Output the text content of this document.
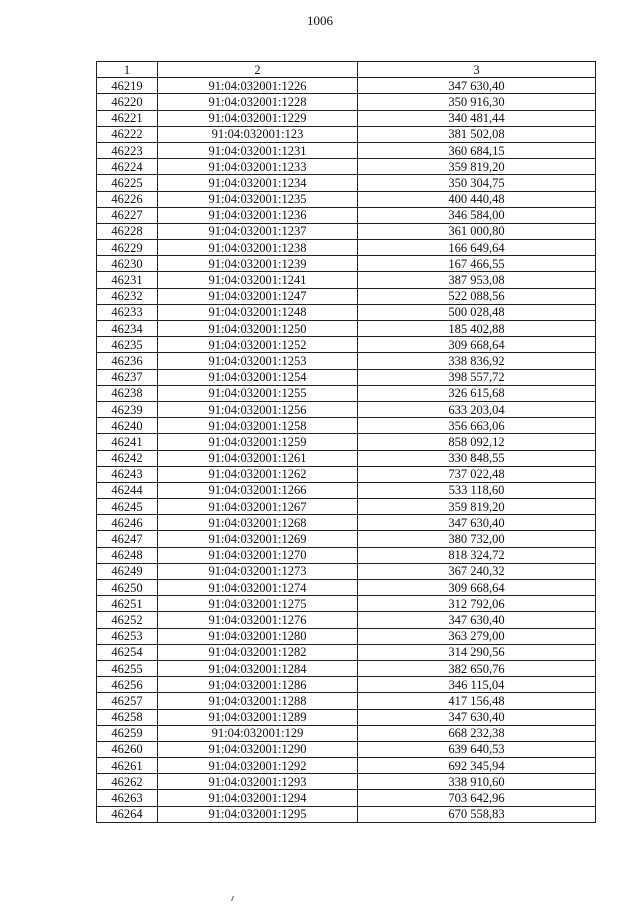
1006
1	2	3
46219	91:04:032001:1226	347 630,40
46220	91:04:032001:1228	350 916,30
46221	91:04:032001:1229	340 481,44
46222	91:04:032001:123	381 502,08
46223	91:04:032001:1231	360 684,15
46224	91:04:032001:1233	359 819,20
46225	91:04:032001:1234	350 304,75
46226	91:04:032001:1235	400 440,48
46227	91:04:032001:1236	346 584,00
46228	91:04:032001:1237	361 000,80
46229	91:04:032001:1238	166 649,64
46230	91:04:032001:1239	167 466,55
46231	91:04:032001:1241	387 953,08
46232	91:04:032001:1247	522 088,56
46233	91:04:032001:1248	500 028,48
46234	91:04:032001:1250	185 402,88
46235	91:04:032001:1252	309 668,64
46236	91:04:032001:1253	338 836,92
46237	91:04:032001:1254	398 557,72
46238	91:04:032001:1255	326 615,68
46239	91:04:032001:1256	633 203,04
46240	91:04:032001:1258	356 663,06
46241	91:04:032001:1259	858 092,12
46242	91:04:032001:1261	330 848,55
46243	91:04:032001:1262	737 022,48
46244	91:04:032001:1266	533 118,60
46245	91:04:032001:1267	359 819,20
46246	91:04:032001:1268	347 630,40
46247	91:04:032001:1269	380 732,00
46248	91:04:032001:1270	818 324,72
46249	91:04:032001:1273	367 240,32
46250	91:04:032001:1274	309 668,64
46251	91:04:032001:1275	312 792,06
46252	91:04:032001:1276	347 630,40
46253	91:04:032001:1280	363 279,00
46254	91:04:032001:1282	314 290,56
46255	91:04:032001:1284	382 650,76
46256	91:04:032001:1286	346 115,04
46257	91:04:032001:1288	417 156,48
46258	91:04:032001:1289	347 630,40
46259	91:04:032001:129	668 232,38
46260	91:04:032001:1290	639 640,53
46261	91:04:032001:1292	692 345,94
46262	91:04:032001:1293	338 910,60
46263	91:04:032001:1294	703 642,96
46264	91:04:032001:1295	670 558,83
